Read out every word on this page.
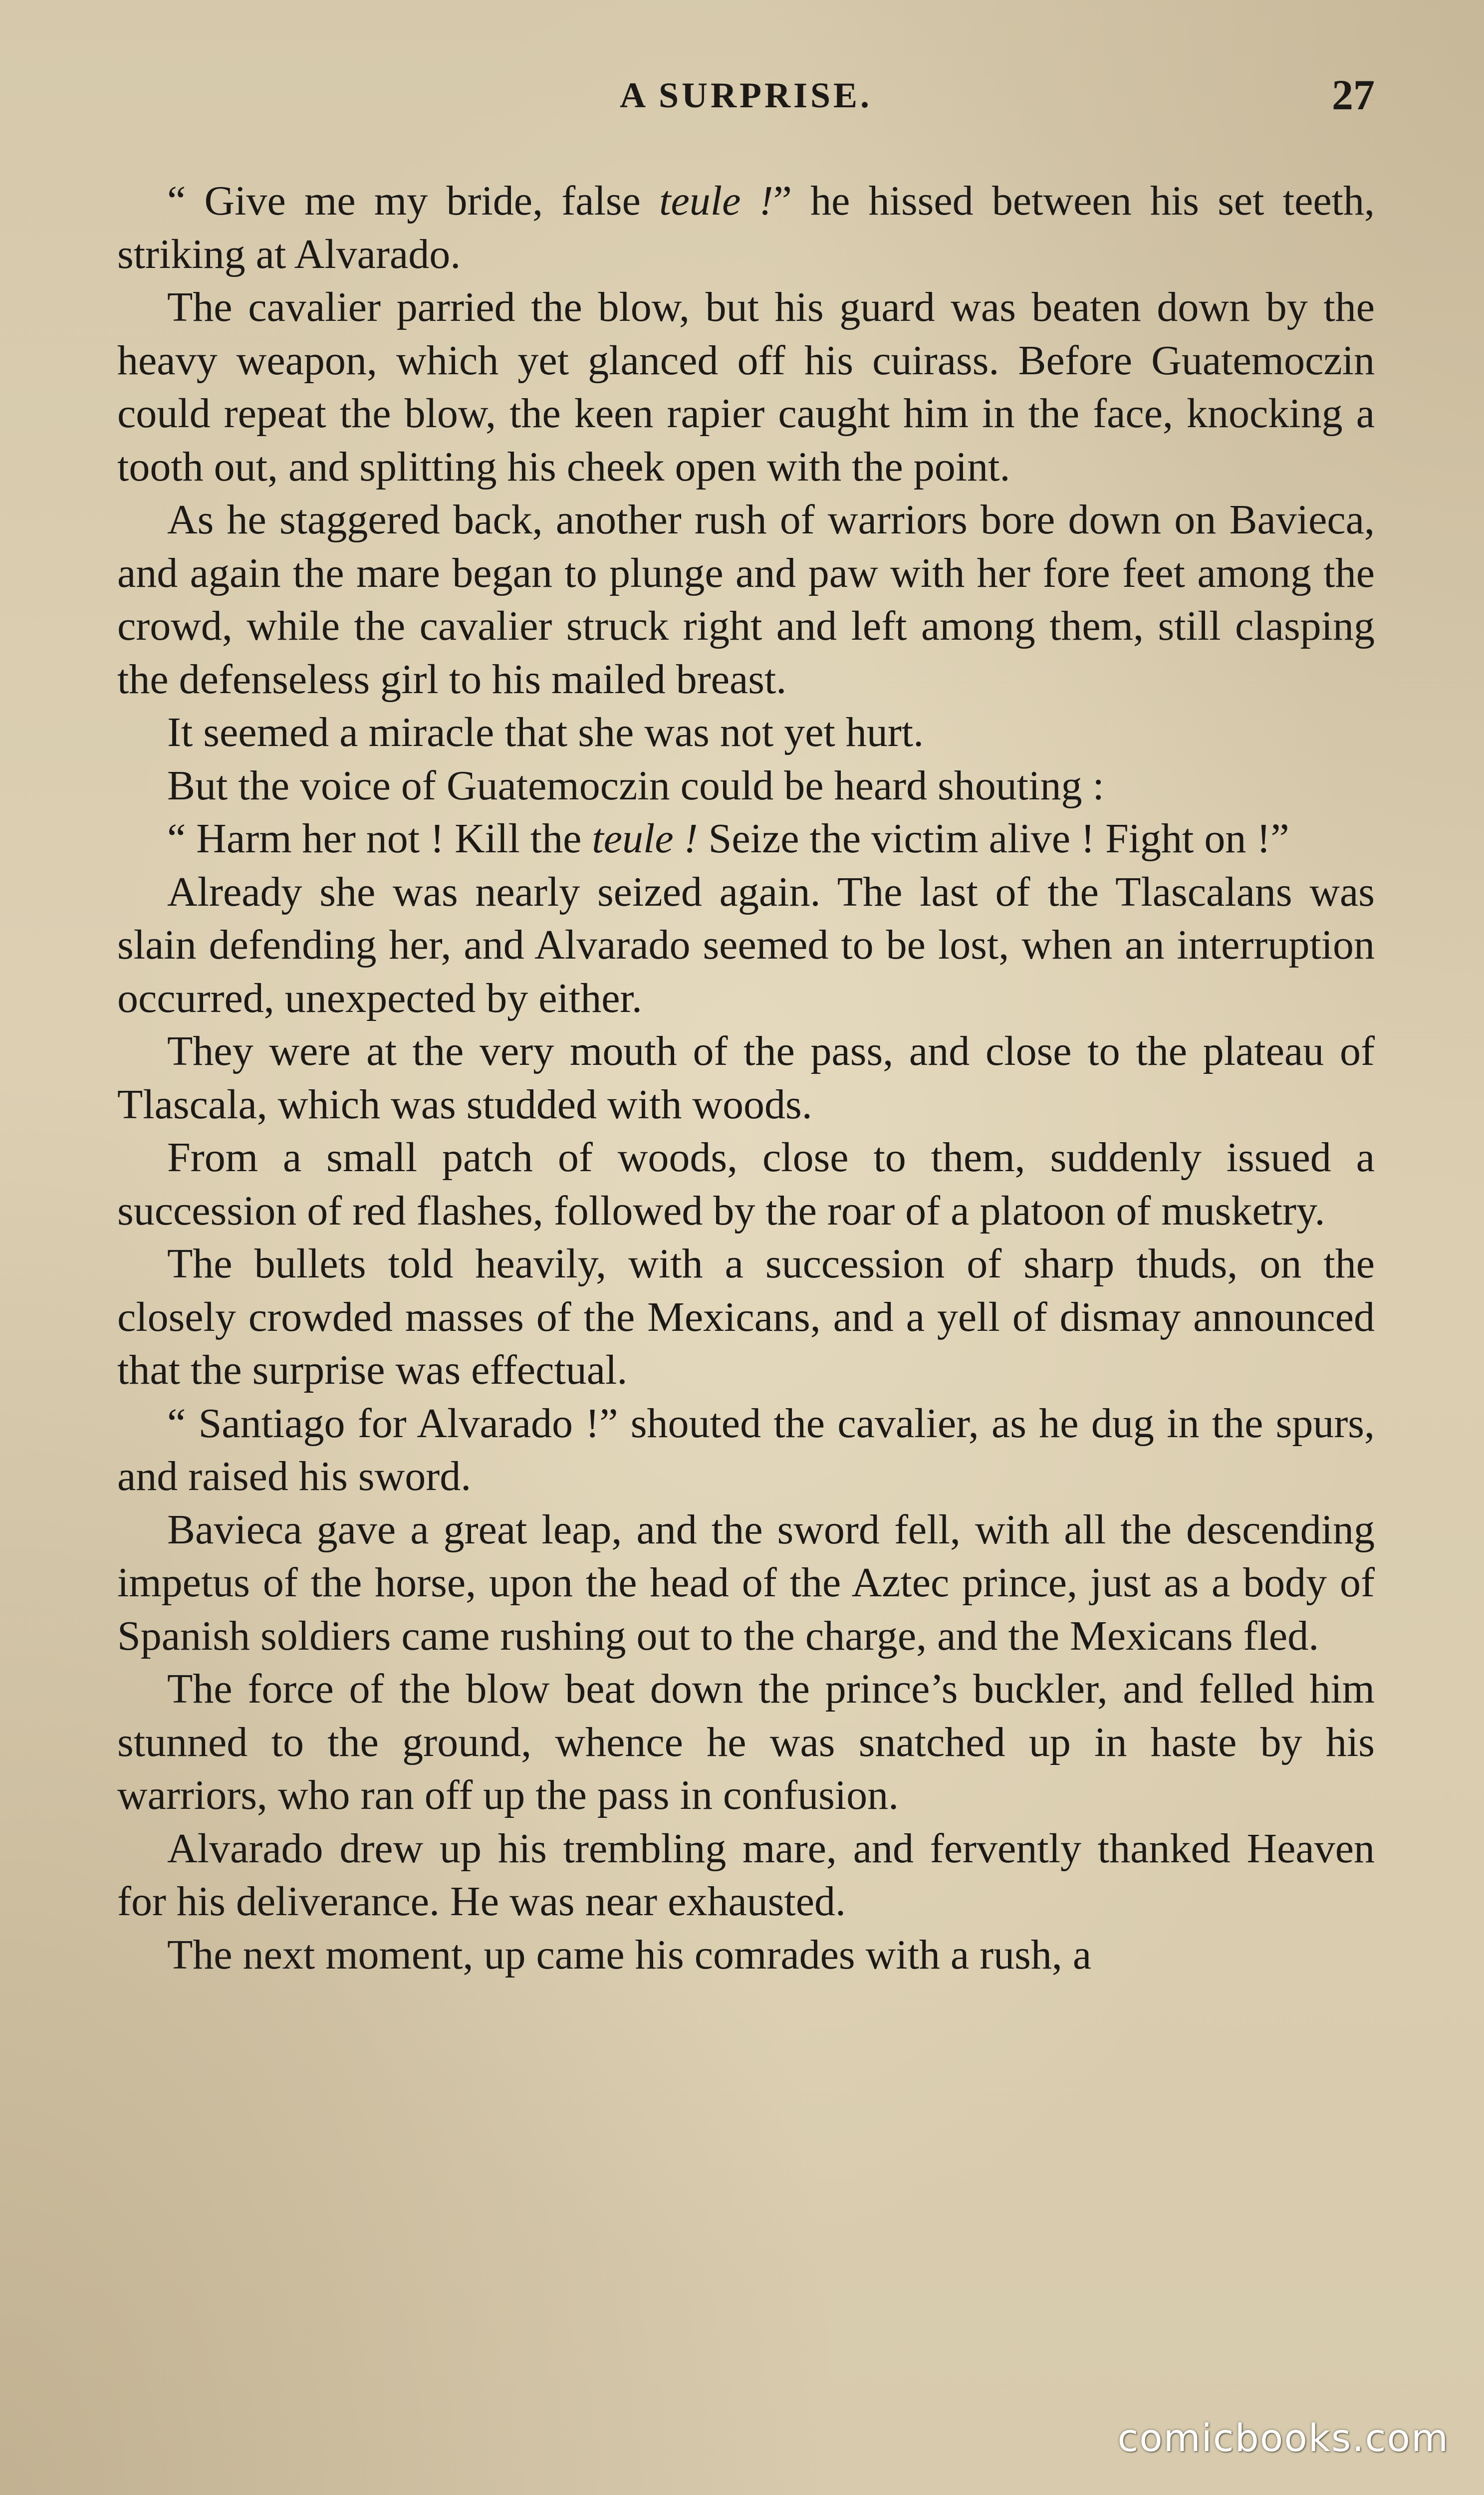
A SURPRISE.	27

“ Give me my bride, false teule !” he hissed between his set teeth, striking at Alvarado.

The cavalier parried the blow, but his guard was beaten down by the heavy weapon, which yet glanced off his cuirass. Before Guatemoczin could repeat the blow, the keen rapier caught him in the face, knocking a tooth out, and splitting his cheek open with the point.

As he staggered back, another rush of warriors bore down on Bavieca, and again the mare began to plunge and paw with her fore feet among the crowd, while the cavalier struck right and left among them, still clasping the defenseless girl to his mailed breast.

It seemed a miracle that she was not yet hurt.

But the voice of Guatemoczin could be heard shouting :

“ Harm her not ! Kill the teule ! Seize the victim alive ! Fight on !”

Already she was nearly seized again. The last of the Tlascalans was slain defending her, and Alvarado seemed to be lost, when an interruption occurred, unexpected by either.

They were at the very mouth of the pass, and close to the plateau of Tlascala, which was studded with woods.

From a small patch of woods, close to them, suddenly issued a succession of red flashes, followed by the roar of a platoon of musketry.

The bullets told heavily, with a succession of sharp thuds, on the closely crowded masses of the Mexicans, and a yell of dismay announced that the surprise was effectual.

“ Santiago for Alvarado !” shouted the cavalier, as he dug in the spurs, and raised his sword.

Bavieca gave a great leap, and the sword fell, with all the descending impetus of the horse, upon the head of the Aztec prince, just as a body of Spanish soldiers came rushing out to the charge, and the Mexicans fled.

The force of the blow beat down the prince’s buckler, and felled him stunned to the ground, whence he was snatched up in haste by his warriors, who ran off up the pass in confusion.

Alvarado drew up his trembling mare, and fervently thanked Heaven for his deliverance. He was near exhausted.

The next moment, up came his comrades with a rush, a

comicbooks.com
